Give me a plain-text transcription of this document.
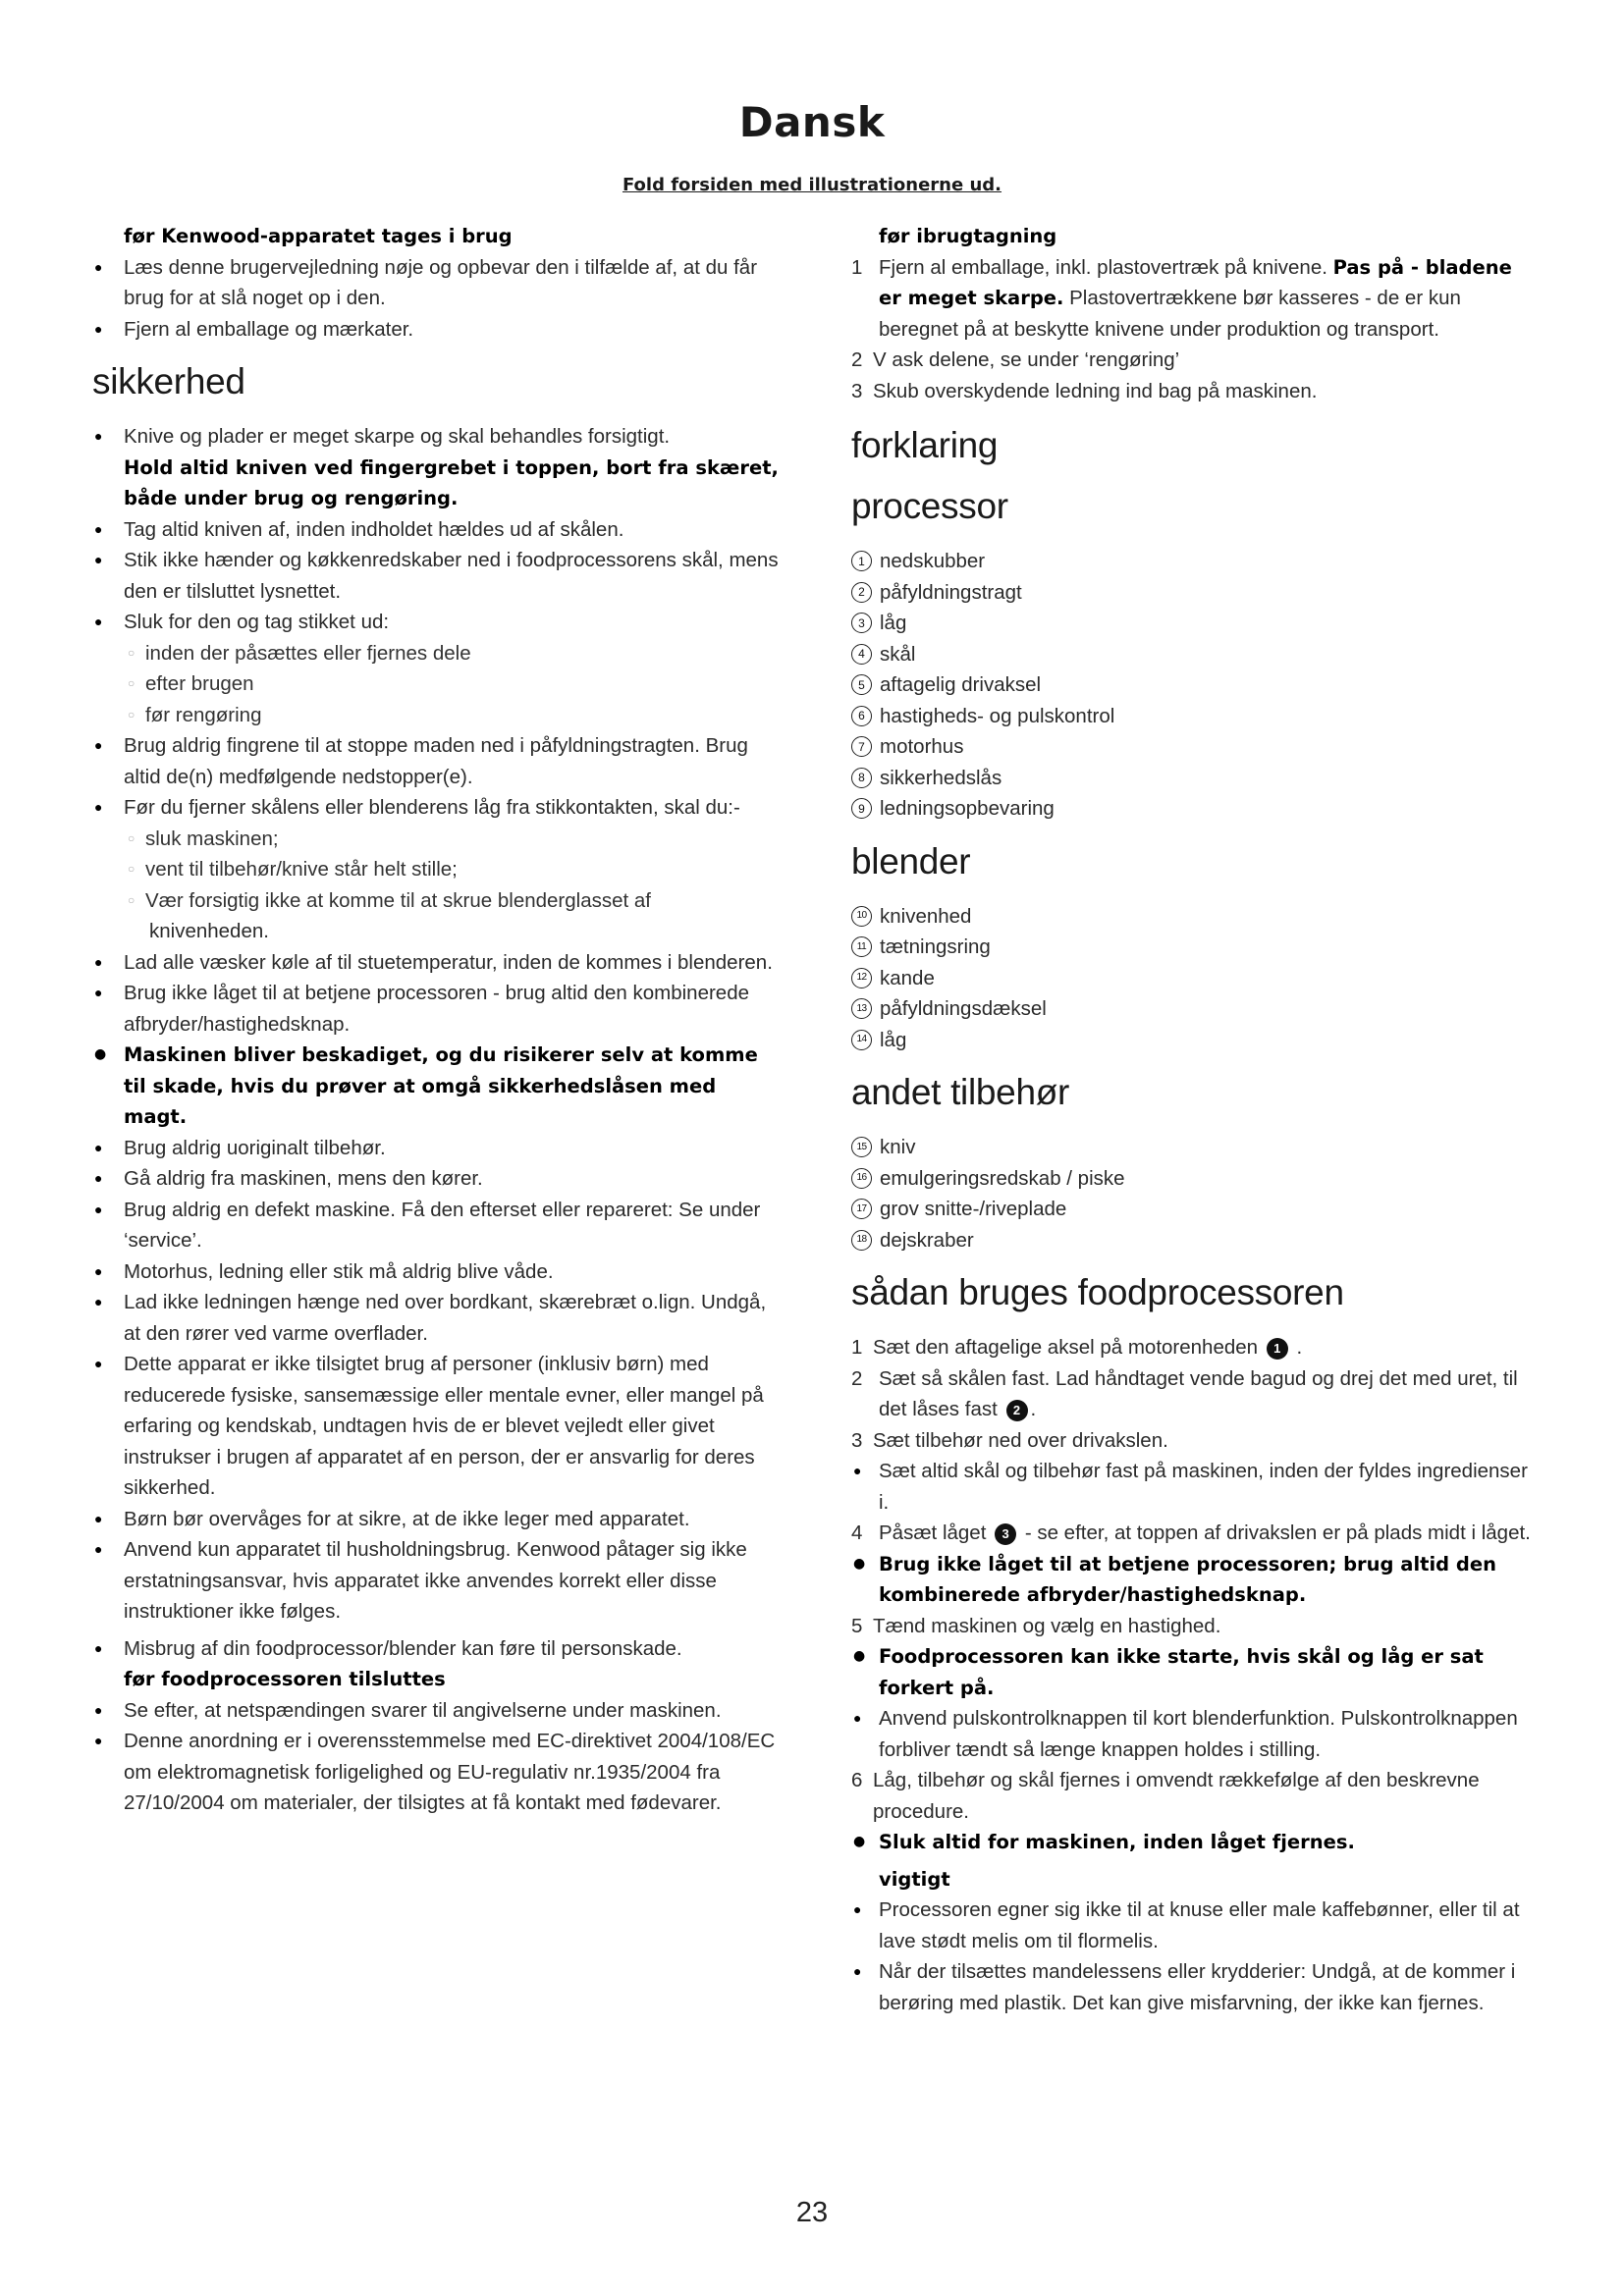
Dansk
Fold forsiden med illustrationerne ud.
før Kenwood-apparatet tages i brug
● Læs denne brugervejledning nøje og opbevar den i tilfælde af, at du får brug for at slå noget op i den.
● Fjern al emballage og mærkater.
sikkerhed
● Knive og plader er meget skarpe og skal behandles forsigtigt.
Hold altid kniven ved fingergrebet i toppen, bort fra skæret, både under brug og rengøring.
● Tag altid kniven af, inden indholdet hældes ud af skålen.
● Stik ikke hænder og køkkenredskaber ned i foodprocessorens skål, mens den er tilsluttet lysnettet.
● Sluk for den og tag stikket ud:
○ inden der påsættes eller fjernes dele
○ efter brugen
○ før rengøring
● Brug aldrig fingrene til at stoppe maden ned i påfyldningstragten. Brug altid de(n) medfølgende nedstopper(e).
● Før du fjerner skålens eller blenderens låg fra stikkontakten, skal du:-
○ sluk maskinen;
○ vent til tilbehør/knive står helt stille;
○ Vær forsigtig ikke at komme til at skrue blenderglasset af
knivenheden.
● Lad alle væsker køle af til stuetemperatur, inden de kommes i blenderen.
● Brug ikke låget til at betjene processoren - brug altid den kombinerede afbryder/hastighedsknap.
● Maskinen bliver beskadiget, og du risikerer selv at komme til skade, hvis du prøver at omgå sikkerhedslåsen med magt.
● Brug aldrig uoriginalt tilbehør.
● Gå aldrig fra maskinen, mens den kører.
● Brug aldrig en defekt maskine. Få den efterset eller repareret: Se under ‘service’.
● Motorhus, ledning eller stik må aldrig blive våde.
● Lad ikke ledningen hænge ned over bordkant, skærebræt o.lign. Undgå, at den rører ved varme overflader.
● Dette apparat er ikke tilsigtet brug af personer (inklusiv børn) med reducerede fysiske, sansemæssige eller mentale evner, eller mangel på erfaring og kendskab, undtagen hvis de er blevet vejledt eller givet instrukser i brugen af apparatet af en person, der er ansvarlig for deres sikkerhed.
● Børn bør overvåges for at sikre, at de ikke leger med apparatet.
● Anvend kun apparatet til husholdningsbrug. Kenwood påtager sig ikke erstatningsansvar, hvis apparatet ikke anvendes korrekt eller disse instruktioner ikke følges.
● Misbrug af din foodprocessor/blender kan føre til personskade.
før foodprocessoren tilsluttes
● Se efter, at netspændingen svarer til angivelserne under maskinen.
● Denne anordning er i overensstemmelse med EC-direktivet 2004/108/EC om elektromagnetisk forligelighed og EU-regulativ nr.1935/2004 fra 27/10/2004 om materialer, der tilsigtes at få kontakt med fødevarer.
før ibrugtagning
1 Fjern al emballage, inkl. plastovertræk på knivene. Pas på - bladene er meget skarpe. Plastovertrækkene bør kasseres - de er kun beregnet på at beskytte knivene under produktion og transport.
2 V ask delene, se under ‘rengøring’
3 Skub overskydende ledning ind bag på maskinen.
forklaring
processor
1 nedskubber
2 påfyldningstragt
3 låg
4 skål
5 aftagelig drivaksel
6 hastigheds- og pulskontrol
7 motorhus
8 sikkerhedslås
9 ledningsopbevaring
blender
10 knivenhed
11 tætningsring
12 kande
13 påfyldningsdæksel
14 låg
andet tilbehør
15 kniv
16 emulgeringsredskab / piske
17 grov snitte-/riveplade
18 dejskraber
sådan bruges foodprocessoren
1 Sæt den aftagelige aksel på motorenheden 1 .
2 Sæt så skålen fast. Lad håndtaget vende bagud og drej det med uret, til det låses fast 2 .
3 Sæt tilbehør ned over drivakslen.
● Sæt altid skål og tilbehør fast på maskinen, inden der fyldes ingredienser i.
4 Påsæt låget 3 - se efter, at toppen af drivakslen er på plads midt i låget.
● Brug ikke låget til at betjene processoren; brug altid den kombinerede afbryder/hastighedsknap.
5 Tænd maskinen og vælg en hastighed.
● Foodprocessoren kan ikke starte, hvis skål og låg er sat forkert på.
● Anvend pulskontrolknappen til kort blenderfunktion. Pulskontrolknappen forbliver tændt så længe knappen holdes i stilling.
6 Låg, tilbehør og skål fjernes i omvendt rækkefølge af den beskrevne procedure.
● Sluk altid for maskinen, inden låget fjernes.
vigtigt
● Processoren egner sig ikke til at knuse eller male kaffebønner, eller til at lave stødt melis om til flormelis.
● Når der tilsættes mandelessens eller krydderier: Undgå, at de kommer i berøring med plastik. Det kan give misfarvning, der ikke kan fjernes.
23
